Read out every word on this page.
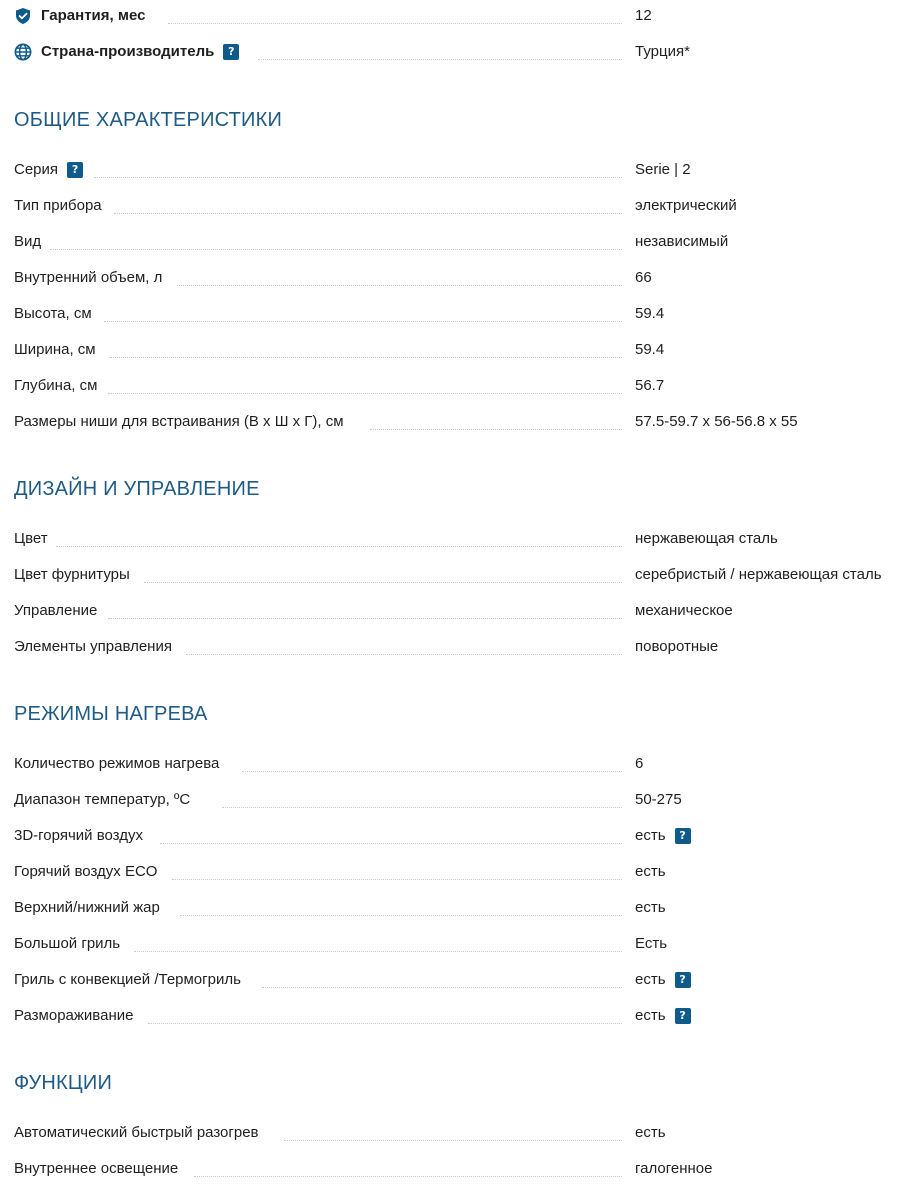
Гарантия, мес	12
Страна-производитель	?	Турция*
ОБЩИЕ ХАРАКТЕРИСТИКИ
Серия	?	Serie | 2
Тип прибора	электрический
Вид	независимый
Внутренний объем, л	66
Высота, см	59.4
Ширина, см	59.4
Глубина, см	56.7
Размеры ниши для встраивания (В х Ш х Г), см	57.5-59.7 x 56-56.8 x 55
ДИЗАЙН И УПРАВЛЕНИЕ
Цвет	нержавеющая сталь
Цвет фурнитуры	серебристый / нержавеющая сталь
Управление	механическое
Элементы управления	поворотные
РЕЖИМЫ НАГРЕВА
Количество режимов нагрева	6
Диапазон температур, ºC	50-275
3D-горячий воздух	есть	?
Горячий воздух ECO	есть
Верхний/нижний жар	есть
Большой гриль	Есть
Гриль с конвекцией /Термогриль	есть	?
Размораживание	есть	?
ФУНКЦИИ
Автоматический быстрый разогрев	есть
Внутреннее освещение	галогенное
